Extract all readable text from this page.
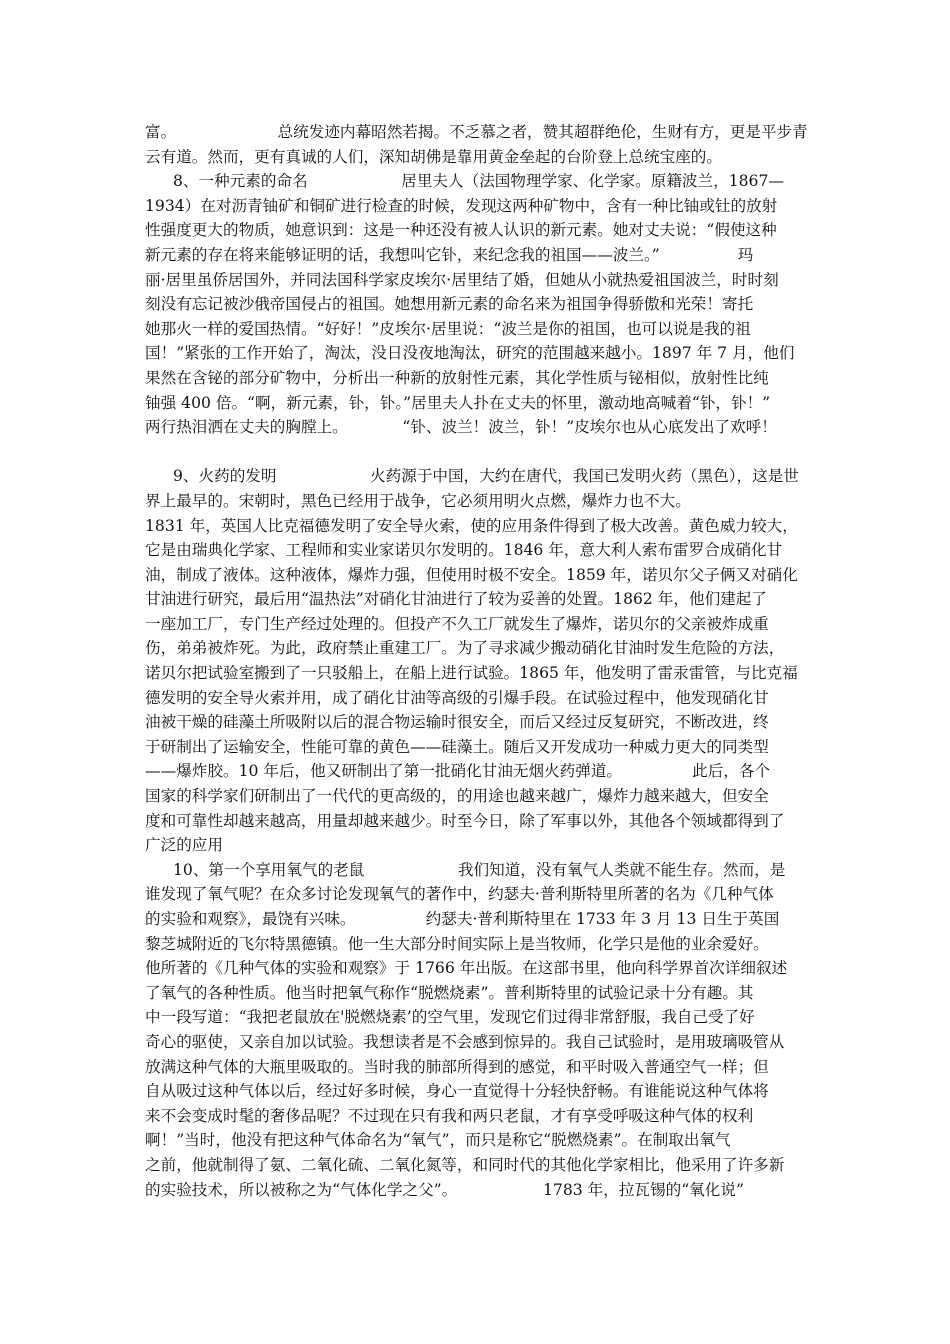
富。　　　　　　　总统发迹内幕昭然若揭。不乏慕之者，赞其超群绝伦，生财有方，更是平步青
云有道。然而，更有真诚的人们，深知胡佛是靠用黄金垒起的台阶登上总统宝座的。
8、一种元素的命名　　　　　　居里夫人（法国物理学家、化学家。原籍波兰，1867—
1934）在对沥青铀矿和铜矿进行检查的时候，发现这两种矿物中，含有一种比铀或钍的放射
性强度更大的物质，她意识到：这是一种还没有被人认识的新元素。她对丈夫说：“假使这种
新元素的存在将来能够证明的话，我想叫它钋，来纪念我的祖国——波兰。”　　　　　玛
丽·居里虽侨居国外，并同法国科学家皮埃尔·居里结了婚，但她从小就热爱祖国波兰，时时刻
刻没有忘记被沙俄帝国侵占的祖国。她想用新元素的命名来为祖国争得骄傲和光荣！寄托
她那火一样的爱国热情。“好好！”皮埃尔·居里说：“波兰是你的祖国，也可以说是我的祖
国！”紧张的工作开始了，淘汰，没日没夜地淘汰，研究的范围越来越小。1897 年 7 月，他们
果然在含铋的部分矿物中，分析出一种新的放射性元素，其化学性质与铋相似，放射性比纯
铀强 400 倍。“啊，新元素，钋，钋。”居里夫人扑在丈夫的怀里，激动地高喊着“钋，钋！”
两行热泪洒在丈夫的胸膛上。　　　　“钋、波兰！波兰，钋！”皮埃尔也从心底发出了欢呼！
9、火药的发明　　　　　　火药源于中国，大约在唐代，我国已发明火药（黑色），这是世
界上最早的。宋朝时，黑色已经用于战争，它必须用明火点燃，爆炸力也不大。
1831 年，英国人比克福德发明了安全导火索，使的应用条件得到了极大改善。黄色威力较大，
它是由瑞典化学家、工程师和实业家诺贝尔发明的。1846 年，意大利人索布雷罗合成硝化甘
油，制成了液体。这种液体，爆炸力强，但使用时极不安全。1859 年，诺贝尔父子俩又对硝化
甘油进行研究，最后用“温热法”对硝化甘油进行了较为妥善的处置。1862 年，他们建起了
一座加工厂，专门生产经过处理的。但投产不久工厂就发生了爆炸，诺贝尔的父亲被炸成重
伤，弟弟被炸死。为此，政府禁止重建工厂。为了寻求减少搬动硝化甘油时发生危险的方法，
诺贝尔把试验室搬到了一只驳船上，在船上进行试验。1865 年，他发明了雷汞雷管，与比克福
德发明的安全导火索并用，成了硝化甘油等高级的引爆手段。在试验过程中，他发现硝化甘
油被干燥的硅藻土所吸附以后的混合物运输时很安全，而后又经过反复研究，不断改进，终
于研制出了运输安全，性能可靠的黄色——硅藻土。随后又开发成功一种威力更大的同类型
——爆炸胶。10 年后，他又研制出了第一批硝化甘油无烟火药弹道。　　　　　此后，各个
国家的科学家们研制出了一代代的更高级的，的用途也越来越广，爆炸力越来越大，但安全
度和可靠性却越来越高，用量却越来越少。时至今日，除了军事以外，其他各个领域都得到了
广泛的应用
10、第一个享用氧气的老鼠　　　　　　我们知道，没有氧气人类就不能生存。然而，是
谁发现了氧气呢？在众多讨论发现氧气的著作中，约瑟夫·普利斯特里所著的名为《几种气体
的实验和观察》，最饶有兴味。　　　　　约瑟夫·普利斯特里在 1733 年 3 月 13 日生于英国
黎芝城附近的飞尔特黑德镇。他一生大部分时间实际上是当牧师，化学只是他的业余爱好。
他所著的《几种气体的实验和观察》于 1766 年出版。在这部书里，他向科学界首次详细叙述
了氧气的各种性质。他当时把氧气称作“脱燃烧素”。普利斯特里的试验记录十分有趣。其
中一段写道：“我把老鼠放在'脱燃烧素’的空气里，发现它们过得非常舒服，我自己受了好
奇心的驱使，又亲自加以试验。我想读者是不会感到惊异的。我自己试验时，是用玻璃吸管从
放满这种气体的大瓶里吸取的。当时我的肺部所得到的感觉，和平时吸入普通空气一样；但
自从吸过这种气体以后，经过好多时候，身心一直觉得十分轻快舒畅。有谁能说这种气体将
来不会变成时髦的奢侈品呢？不过现在只有我和两只老鼠，才有享受呼吸这种气体的权利
啊！”当时，他没有把这种气体命名为“氧气”，而只是称它“脱燃烧素”。在制取出氧气
之前，他就制得了氨、二氧化硫、二氧化氮等，和同时代的其他化学家相比，他采用了许多新
的实验技术，所以被称之为“气体化学之父”。　　　　　　1783 年，拉瓦锡的“氧化说”
